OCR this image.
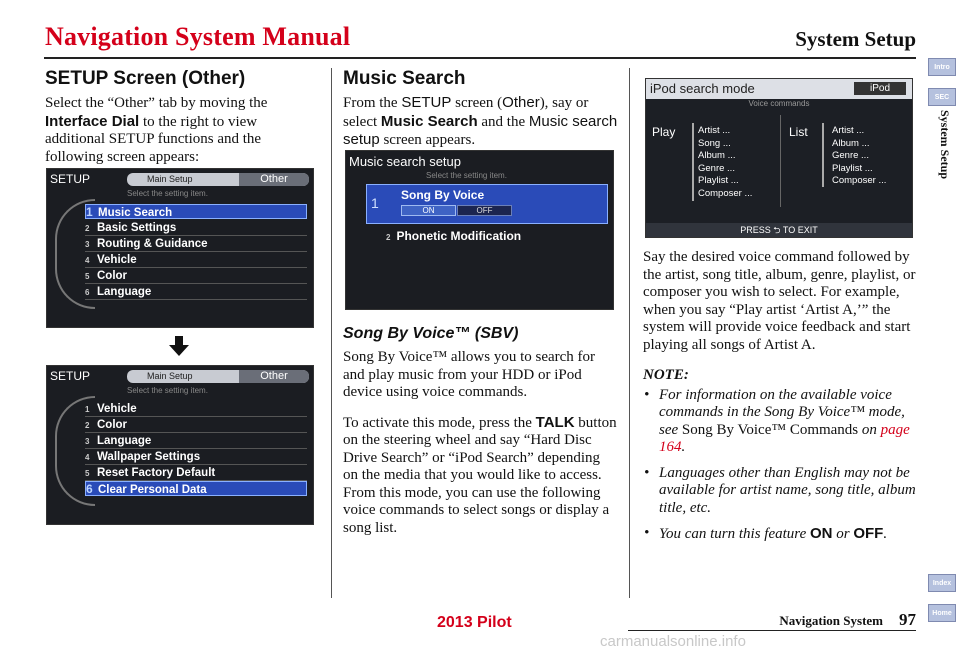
Navigation System Manual	System Setup
Intro
SEC
System Setup
Index
Home
SETUP Screen (Other)
Select the “Other” tab by moving the Interface Dial to the right to view additional SETUP functions and the following screen appears:
SETUP	Main Setup	Other
Select the setting item.
1 Music Search
2 Basic Settings
3 Routing & Guidance
4 Vehicle
5 Color
6 Language
SETUP	Main Setup	Other
Select the setting item.
1 Vehicle
2 Color
3 Language
4 Wallpaper Settings
5 Reset Factory Default
6 Clear Personal Data
Music Search
From the SETUP screen (Other), say or select Music Search and the Music search setup screen appears.
Music search setup
Select the setting item.
1 Song By Voice
ON	OFF
2 Phonetic Modification
Song By Voice™ (SBV)
Song By Voice™ allows you to search for and play music from your HDD or iPod device using voice commands.
To activate this mode, press the TALK button on the steering wheel and say “Hard Disc Drive Search” or “iPod Search” depending on the media that you would like to access. From this mode, you can use the following voice commands to select songs or display a song list.
iPod search mode	iPod
Voice commands
Play Artist ...
Song ...
Album ...
Genre ...
Playlist ...
Composer ...
List	Artist ...
Album ...
Genre ...
Playlist ...
Composer ...
PRESS ⮌ TO EXIT
Say the desired voice command followed by the artist, song title, album, genre, playlist, or composer you wish to select. For example, when you say “Play artist ‘Artist A,’” the system will provide voice feedback and start playing all songs of Artist A.
NOTE:
• For information on the available voice commands in the Song By Voice™ mode, see Song By Voice™ Commands on page 164.
• Languages other than English may not be available for artist name, song title, album title, etc.
• You can turn this feature ON or OFF.
Navigation System 97
2013 Pilot
carmanualsonline.info
